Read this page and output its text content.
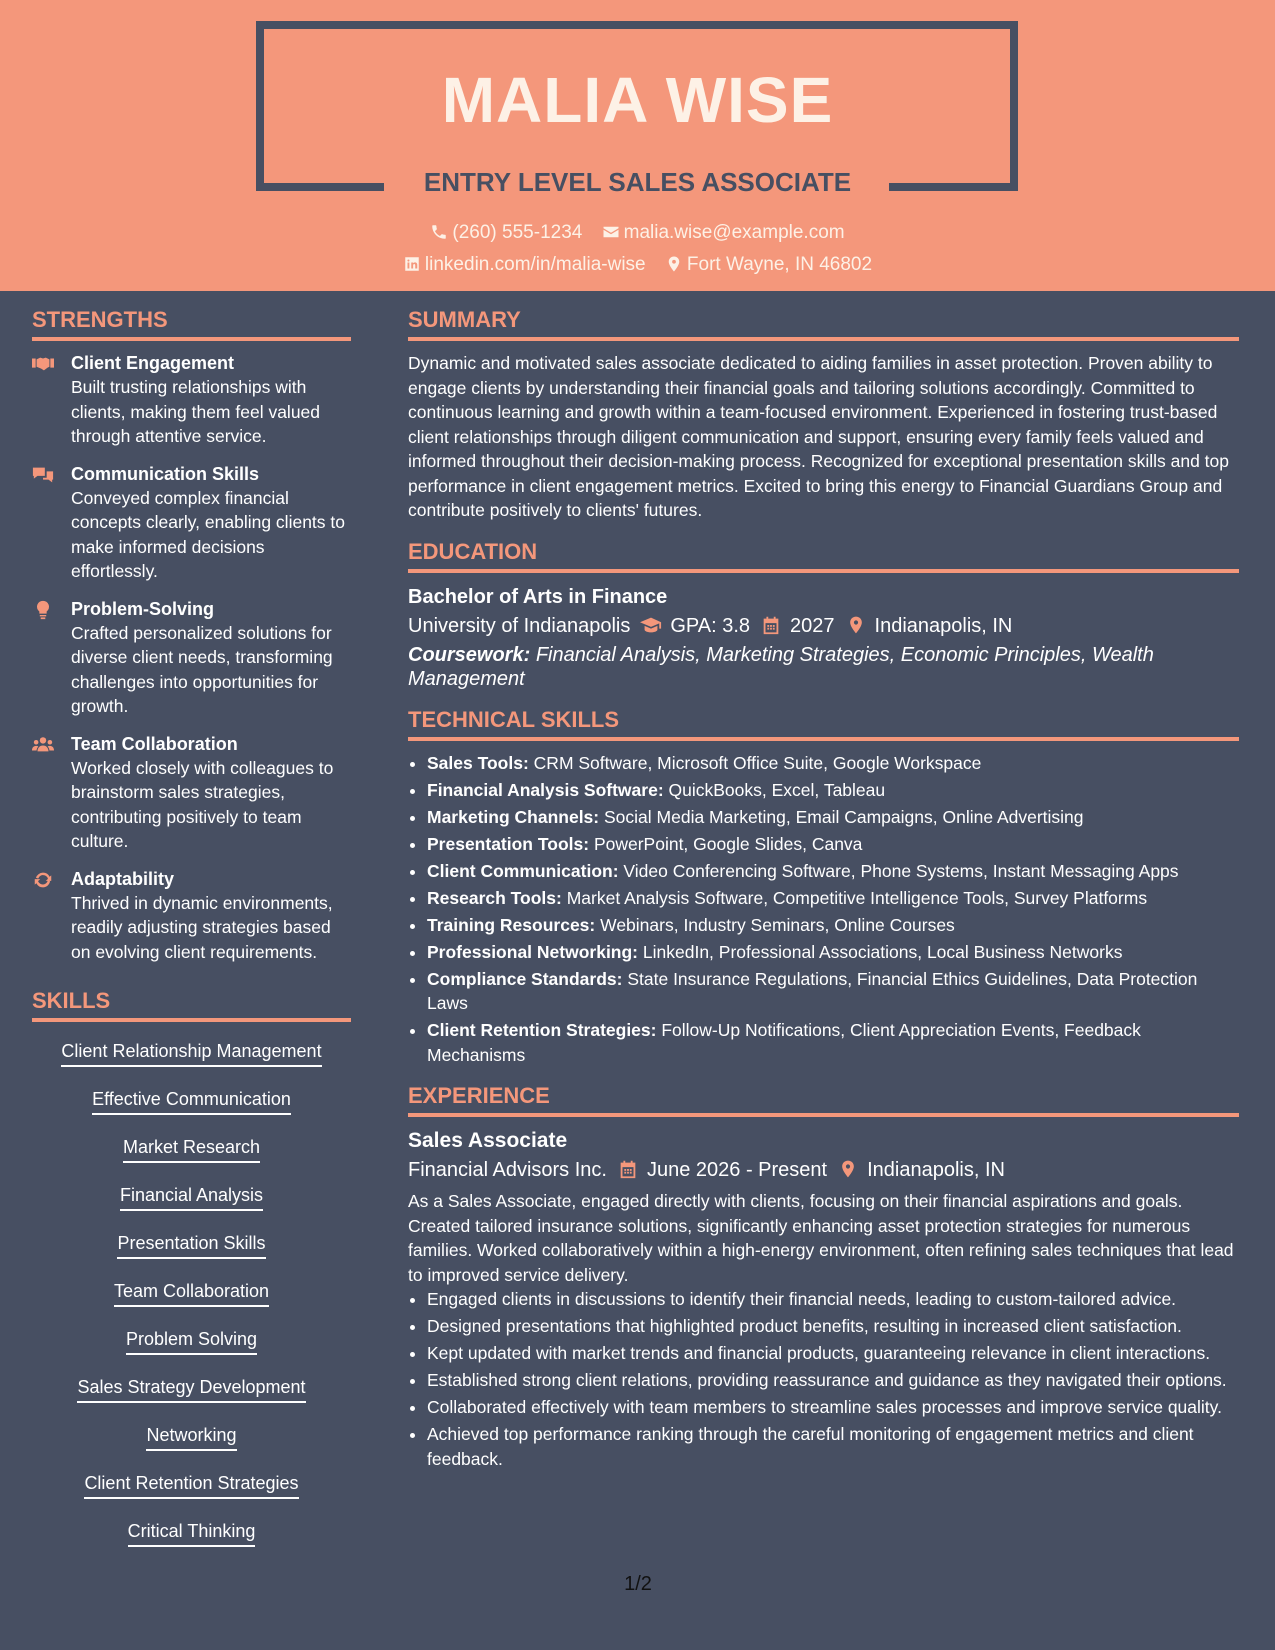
MALIA WISE
ENTRY LEVEL SALES ASSOCIATE
(260) 555-1234 malia.wise@example.com
linkedin.com/in/malia-wise Fort Wayne, IN 46802
STRENGTHS
Client Engagement
Built trusting relationships with clients, making them feel valued through attentive service.
Communication Skills
Conveyed complex financial concepts clearly, enabling clients to make informed decisions effortlessly.
Problem-Solving
Crafted personalized solutions for diverse client needs, transforming challenges into opportunities for growth.
Team Collaboration
Worked closely with colleagues to brainstorm sales strategies, contributing positively to team culture.
Adaptability
Thrived in dynamic environments, readily adjusting strategies based on evolving client requirements.
SKILLS
Client Relationship Management
Effective Communication
Market Research
Financial Analysis
Presentation Skills
Team Collaboration
Problem Solving
Sales Strategy Development
Networking
Client Retention Strategies
Critical Thinking
SUMMARY
Dynamic and motivated sales associate dedicated to aiding families in asset protection. Proven ability to engage clients by understanding their financial goals and tailoring solutions accordingly. Committed to continuous learning and growth within a team-focused environment. Experienced in fostering trust-based client relationships through diligent communication and support, ensuring every family feels valued and informed throughout their decision-making process. Recognized for exceptional presentation skills and top performance in client engagement metrics. Excited to bring this energy to Financial Guardians Group and contribute positively to clients' futures.
EDUCATION
Bachelor of Arts in Finance
University of Indianapolis GPA: 3.8 2027 Indianapolis, IN
Coursework: Financial Analysis, Marketing Strategies, Economic Principles, Wealth Management
TECHNICAL SKILLS
• Sales Tools: CRM Software, Microsoft Office Suite, Google Workspace
• Financial Analysis Software: QuickBooks, Excel, Tableau
• Marketing Channels: Social Media Marketing, Email Campaigns, Online Advertising
• Presentation Tools: PowerPoint, Google Slides, Canva
• Client Communication: Video Conferencing Software, Phone Systems, Instant Messaging Apps
• Research Tools: Market Analysis Software, Competitive Intelligence Tools, Survey Platforms
• Training Resources: Webinars, Industry Seminars, Online Courses
• Professional Networking: LinkedIn, Professional Associations, Local Business Networks
• Compliance Standards: State Insurance Regulations, Financial Ethics Guidelines, Data Protection Laws
• Client Retention Strategies: Follow-Up Notifications, Client Appreciation Events, Feedback Mechanisms
EXPERIENCE
Sales Associate
Financial Advisors Inc. June 2026 - Present Indianapolis, IN
As a Sales Associate, engaged directly with clients, focusing on their financial aspirations and goals. Created tailored insurance solutions, significantly enhancing asset protection strategies for numerous families. Worked collaboratively within a high-energy environment, often refining sales techniques that lead to improved service delivery.
• Engaged clients in discussions to identify their financial needs, leading to custom-tailored advice.
• Designed presentations that highlighted product benefits, resulting in increased client satisfaction.
• Kept updated with market trends and financial products, guaranteeing relevance in client interactions.
• Established strong client relations, providing reassurance and guidance as they navigated their options.
• Collaborated effectively with team members to streamline sales processes and improve service quality.
• Achieved top performance ranking through the careful monitoring of engagement metrics and client feedback.
1/2
